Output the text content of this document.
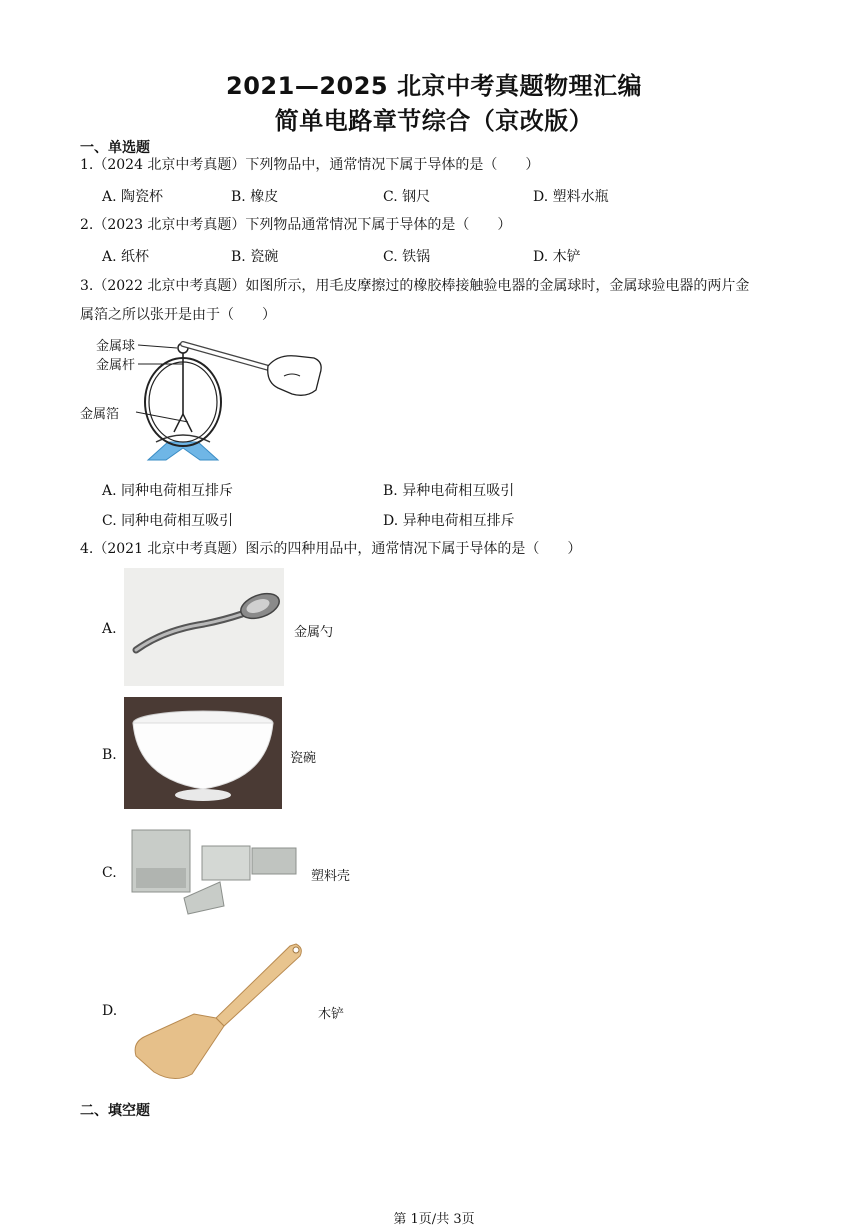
2021—2025 北京中考真题物理汇编
简单电路章节综合（京改版）
一、单选题
1.（2024 北京中考真题）下列物品中，通常情况下属于导体的是（　　）
A. 陶瓷杯	B. 橡皮	C. 钢尺	D. 塑料水瓶
2.（2023 北京中考真题）下列物品通常情况下属于导体的是（　　）
A. 纸杯	B. 瓷碗	C. 铁锅	D. 木铲
3.（2022 北京中考真题）如图所示，用毛皮摩擦过的橡胶棒接触验电器的金属球时，金属球验电器的两片金
属箔之所以张开是由于（　　）
金属球
金属杆
金属箔
A. 同种电荷相互排斥	B. 异种电荷相互吸引
C. 同种电荷相互吸引	D. 异种电荷相互排斥
4.（2021 北京中考真题）图示的四种用品中，通常情况下属于导体的是（　　）
A.	金属勺
B.	瓷碗
C.	塑料壳
D.	木铲
二、填空题
第 1页/共 3页
